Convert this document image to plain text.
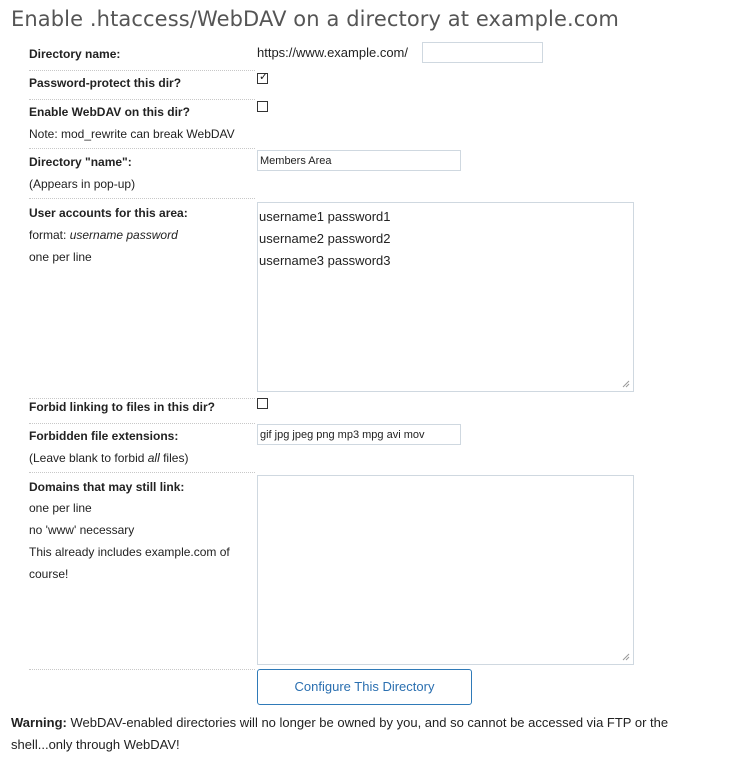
Enable .htaccess/WebDAV on a directory at example.com
Directory name:	https://www.example.com/
Password-protect this dir?	✓
Enable WebDAV on this dir?
Note: mod_rewrite can break WebDAV
Directory "name":
(Appears in pop-up)
Members Area
User accounts for this area:
format: username password
one per line
username1 password1 username2 password2 username3 password3
Forbid linking to files in this dir?
Forbidden file extensions:
(Leave blank to forbid all files)
gif jpg jpeg png mp3 mpg avi mov
Domains that may still link:
one per line
no 'www' necessary
This already includes example.com of
course!
Configure This Directory
Warning: WebDAV-enabled directories will no longer be owned by you, and so cannot be accessed via FTP or the shell...only through WebDAV!
